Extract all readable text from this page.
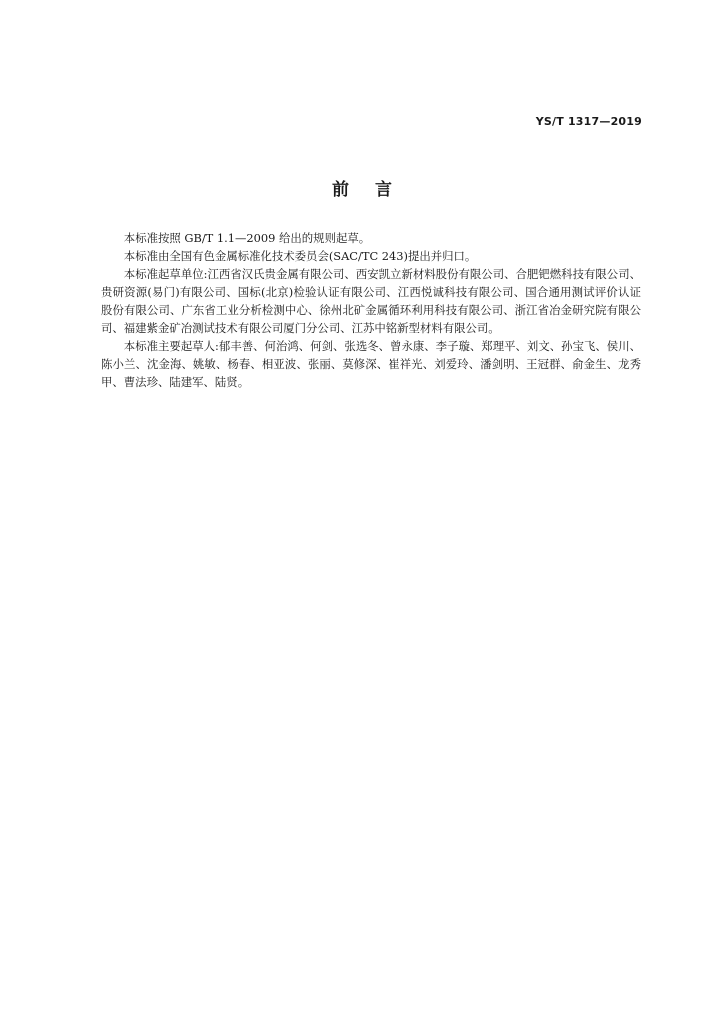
YS/T 1317—2019
前言

本标准按照 GB/T 1.1—2009 给出的规则起草。

本标准由全国有色金属标准化技术委员会(SAC/TC 243)提出并归口。

本标准起草单位:江西省汉氏贵金属有限公司、西安凯立新材料股份有限公司、合肥钯燃科技有限公司、贵研资源(易门)有限公司、国标(北京)检验认证有限公司、江西悦诚科技有限公司、国合通用测试评价认证股份有限公司、广东省工业分析检测中心、徐州北矿金属循环利用科技有限公司、浙江省冶金研究院有限公司、福建紫金矿冶测试技术有限公司厦门分公司、江苏中铭新型材料有限公司。

本标准主要起草人:郁丰善、何治鸿、何剑、张选冬、曾永康、李子璇、郑理平、刘文、孙宝飞、侯川、陈小兰、沈金海、姚敏、杨春、相亚波、张丽、莫修深、崔祥光、刘爱玲、潘剑明、王冠群、俞金生、龙秀甲、曹法珍、陆建军、陆贤。
